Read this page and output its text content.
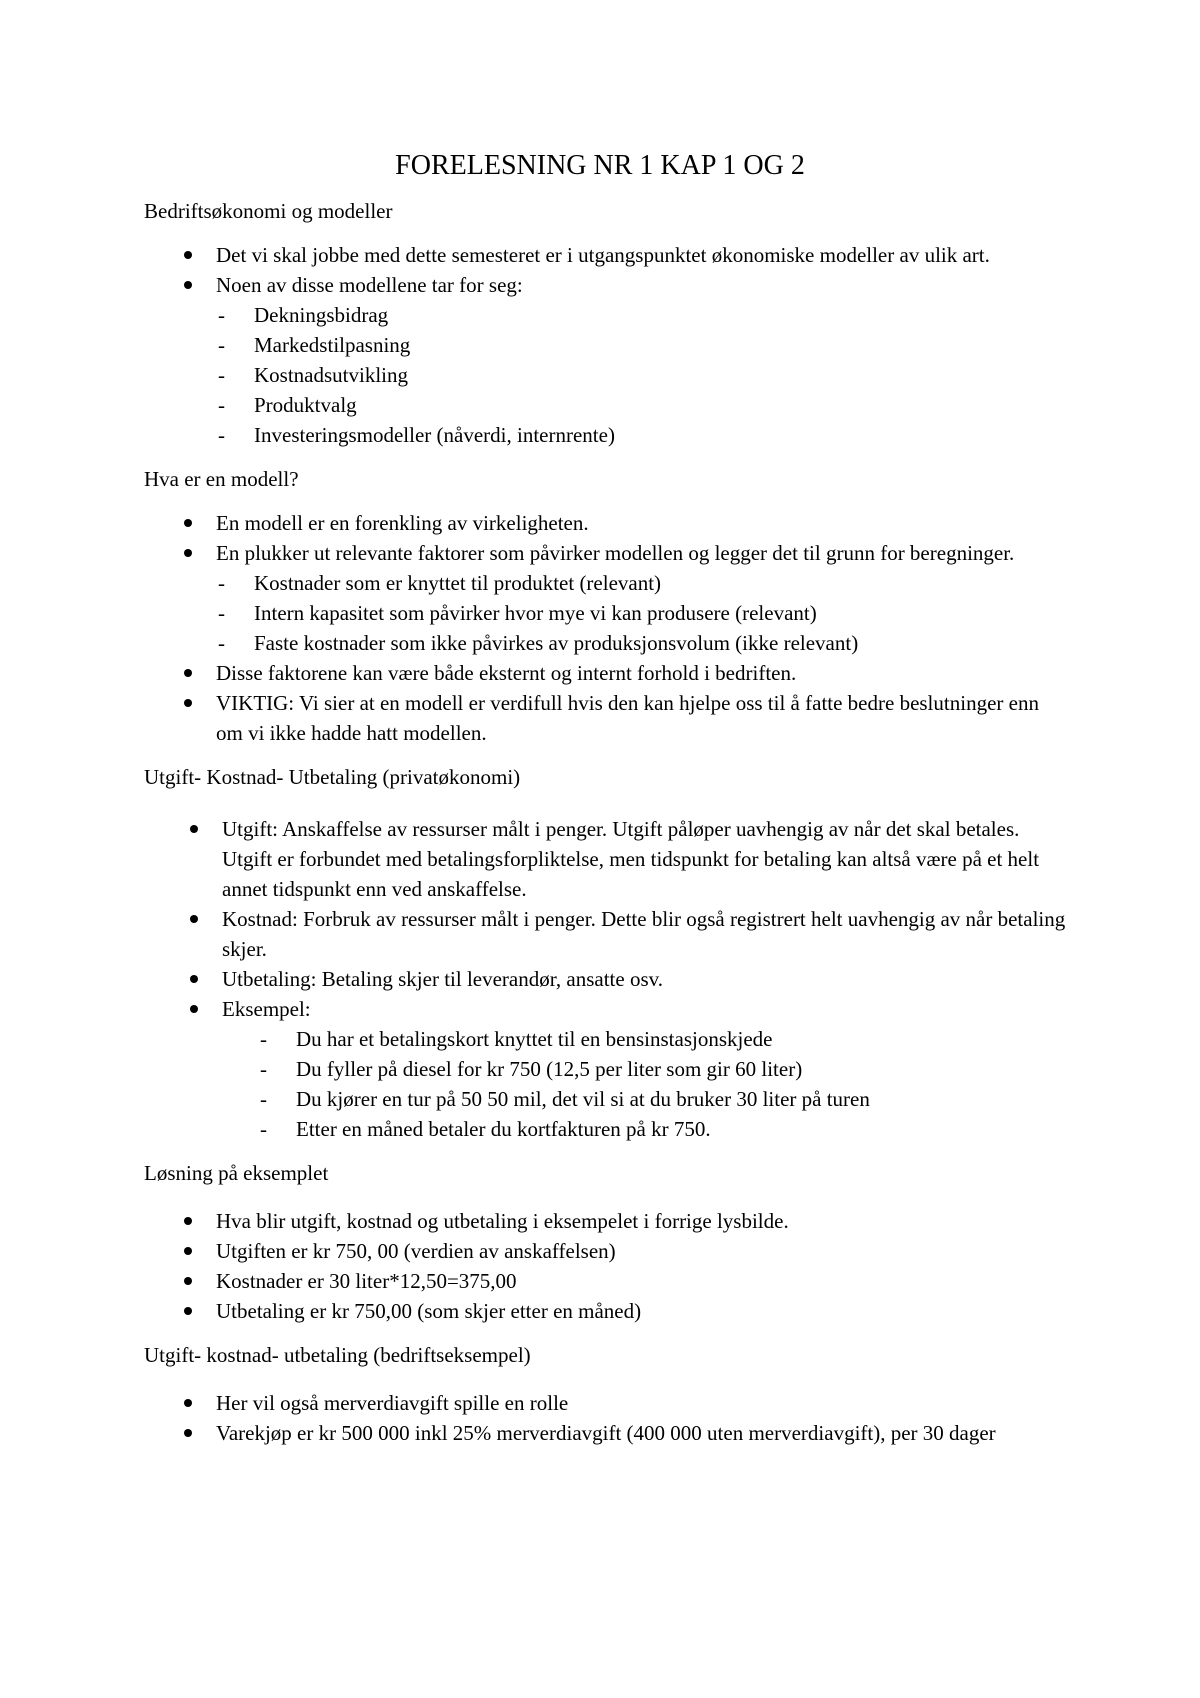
FORELESNING NR 1 KAP 1 OG 2
Bedriftsøkonomi og modeller
Det vi skal jobbe med dette semesteret er i utgangspunktet økonomiske modeller av ulik art.
Noen av disse modellene tar for seg:
- Dekningsbidrag
- Markedstilpasning
- Kostnadsutvikling
- Produktvalg
- Investeringsmodeller (nåverdi, internrente)
Hva er en modell?
En modell er en forenkling av virkeligheten.
En plukker ut relevante faktorer som påvirker modellen og legger det til grunn for beregninger.
- Kostnader som er knyttet til produktet (relevant)
- Intern kapasitet som påvirker hvor mye vi kan produsere (relevant)
- Faste kostnader som ikke påvirkes av produksjonsvolum (ikke relevant)
Disse faktorene kan være både eksternt og internt forhold i bedriften.
VIKTIG: Vi sier at en modell er verdifull hvis den kan hjelpe oss til å fatte bedre beslutninger enn om vi ikke hadde hatt modellen.
Utgift- Kostnad- Utbetaling (privatøkonomi)
Utgift: Anskaffelse av ressurser målt i penger. Utgift påløper uavhengig av når det skal betales. Utgift er forbundet med betalingsforpliktelse, men tidspunkt for betaling kan altså være på et helt annet tidspunkt enn ved anskaffelse.
Kostnad: Forbruk av ressurser målt i penger. Dette blir også registrert helt uavhengig av når betaling skjer.
Utbetaling: Betaling skjer til leverandør, ansatte osv.
Eksempel:
- Du har et betalingskort knyttet til en bensinstasjonskjede
- Du fyller på diesel for kr 750 (12,5 per liter som gir 60 liter)
- Du kjører en tur på 50 50 mil, det vil si at du bruker 30 liter på turen
- Etter en måned betaler du kortfakturen på kr 750.
Løsning på eksemplet
Hva blir utgift, kostnad og utbetaling i eksempelet i forrige lysbilde.
Utgiften er kr 750, 00 (verdien av anskaffelsen)
Kostnader er 30 liter*12,50=375,00
Utbetaling er kr 750,00 (som skjer etter en måned)
Utgift- kostnad- utbetaling (bedriftseksempel)
Her vil også merverdiavgift spille en rolle
Varekjøp er kr 500 000 inkl 25% merverdiavgift (400 000 uten merverdiavgift), per 30 dager
